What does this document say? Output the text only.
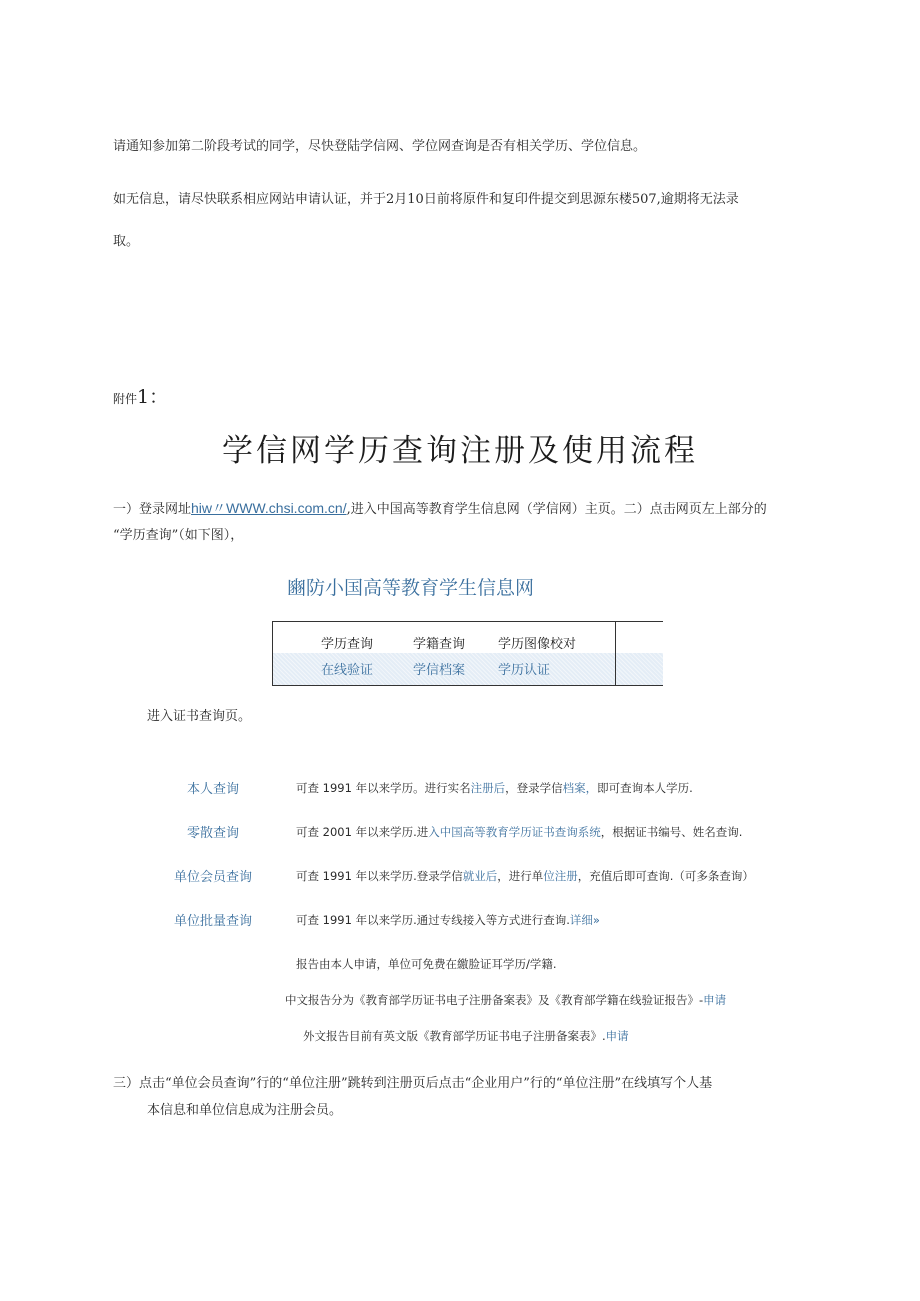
请通知参加第二阶段考试的同学，尽快登陆学信网、学位网查询是否有相关学历、学位信息。
如无信息，请尽快联系相应网站申请认证，并于2月10日前将原件和复印件提交到思源东楼507,逾期将无法录
取。
附件1：
学信网学历查询注册及使用流程
一）登录网址hiw〃WWW.chsi.com.cn/,进入中国高等教育学生信息网（学信网）主页。二）点击网页左上部分的
“学历查询”（如下图），
豳防小国高等教育学生信息网
学历查询	学籍查询	学历图像校对
在线验证	学信档案	学历认证
进入证书查询页。
本人查询	可查 1991 年以来学历。进行实名注册后，登录学信档案，即可查询本人学历.
零散查询	可查 2001 年以来学历.进入中国高等教育学历证书查询系统，根据证书编号、姓名查询.
单位会员查询	可查 1991 年以来学历.登录学信就业后，进行单位注册，充值后即可查询.（可多条查询）
单位批量查询	可查 1991 年以来学历.通过专线接入等方式进行查询.详细»
报告由本人申请，单位可免费在繳脸证耳学历/学籍.
中文报告分为《教育部学历证书电子注册备案表》及《教育部学籍在线验证报告》-申请
外文报告目前有英文版《教育部学历证书电子注册备案表》.申请
三）点击“单位会员查询”行的“单位注册”跳转到注册页后点击“企业用户”行的“单位注册”在线填写个人基
本信息和单位信息成为注册会员。
